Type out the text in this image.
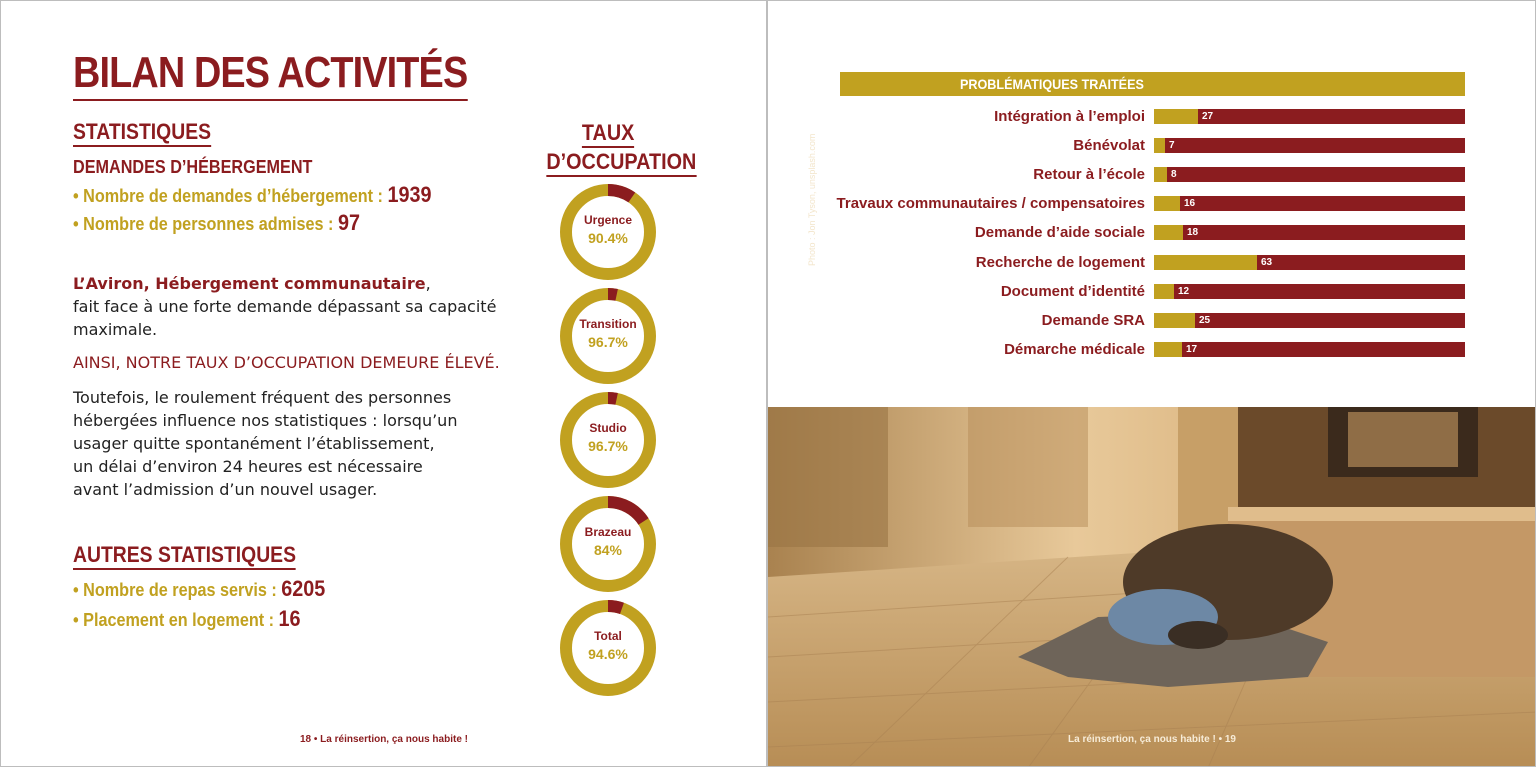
BILAN DES ACTIVITÉS
STATISTIQUES
DEMANDES D’HÉBERGEMENT
• Nombre de demandes d’hébergement : 1939
• Nombre de personnes admises : 97
L’Aviron, Hébergement communautaire,
fait face à une forte demande dépassant sa capacité
maximale.
AINSI, NOTRE TAUX D’OCCUPATION DEMEURE ÉLEVÉ.
Toutefois, le roulement fréquent des personnes
hébergées influence nos statistiques : lorsqu’un
usager quitte spontanément l’établissement,
un délai d’environ 24 heures est nécessaire
avant l’admission d’un nouvel usager.
AUTRES STATISTIQUES
• Nombre de repas servis : 6205
• Placement en logement : 16
TAUX
D’OCCUPATION
Urgence
90.4%
Transition
96.7%
Studio
96.7%
Brazeau
84%
Total
94.6%
18 • La réinsertion, ça nous habite !
PROBLÉMATIQUES TRAITÉES
Intégration à l’emploi	27
Bénévolat 7
Retour à l’école	8
Travaux communautaires / compensatoires	16
Demande d’aide sociale	18
Recherche de logement	63
Document d’identité	12
Demande SRA	25
Démarche médicale	17
Photo : Jon Tyson, unsplash.com
La réinsertion, ça nous habite ! • 19
